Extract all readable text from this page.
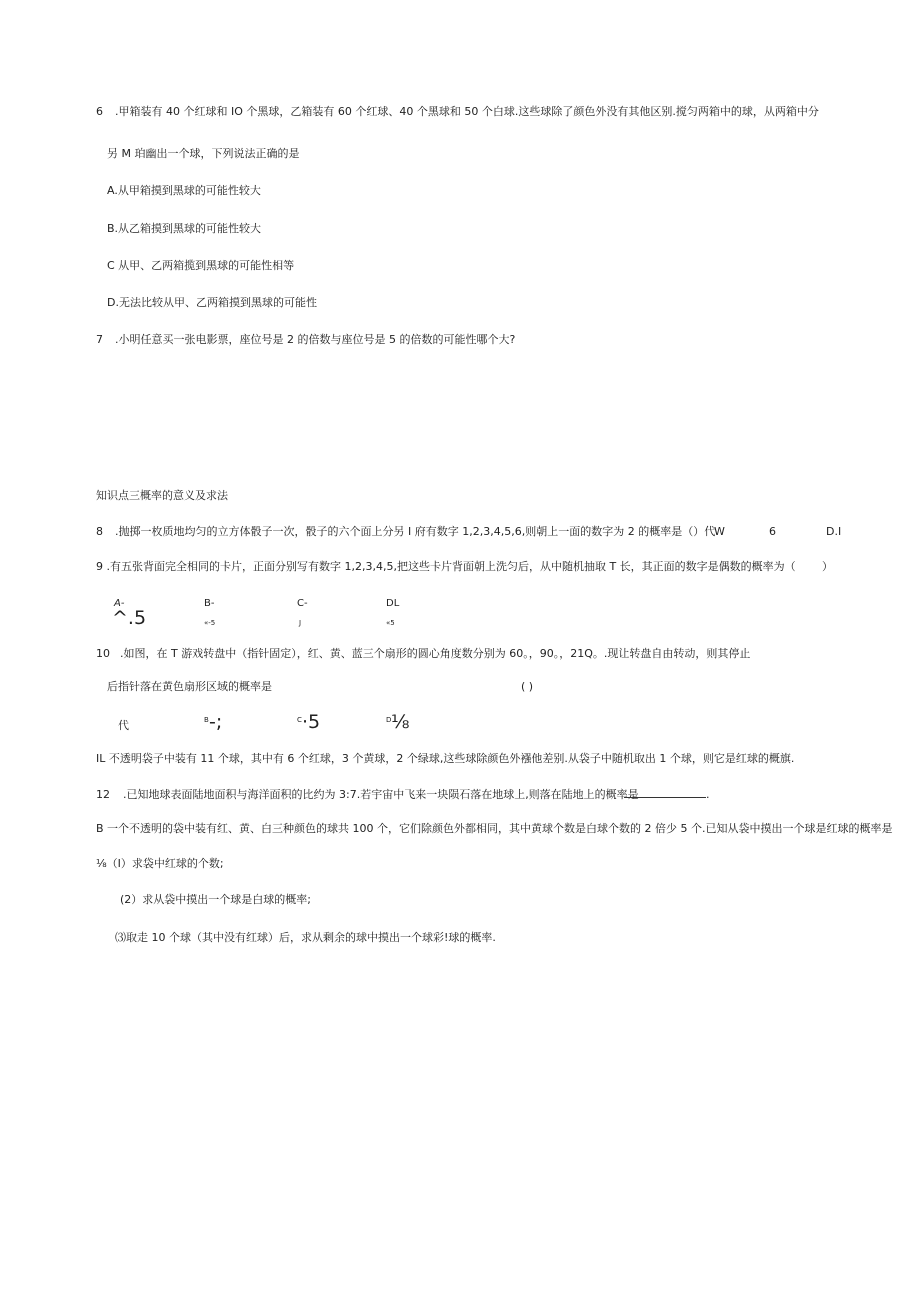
6 .甲箱装有 40 个红球和 IO 个黑球，乙箱装有 60 个红球、40 个黑球和 50 个白球.这些球除了颜色外没有其他区别.搅匀两箱中的球，从两箱中分
另 M 珀幽出一个球，下列说法正确的是
A.从甲箱摸到黑球的可能性较大
B.从乙箱摸到黑球的可能性较大
C 从甲、乙两箱揽到黑球的可能性相等
D.无法比较从甲、乙两箱摸到黑球的可能性
7 .小明任意买一张电影票，座位号是 2 的倍数与座位号是 5 的倍数的可能性哪个大?
知识点三概率的意义及求法
8 .抛掷一枚质地均匀的立方体骰子一次，骰子的六个面上分另 I 府有数字 1,2,3,4,5,6,则朝上一面的数字为 2 的概率是（）代
W	6	D.I
9 .有五张背面完全相同的卡片，正面分别写有数字 1,2,3,4,5,把这些卡片背面朝上洗匀后，从中随机抽取 T 长，其正面的数字是偶数的概率为（ ）
A-
^.5
B-
«-5
C-
J
DL
«5
10 .如图，在 T 游戏转盘中（指针固定），红、黄、蓝三个扇形的圆心角度数分别为 60。，90。，21Q。.现让转盘自由转动，则其停止
后指针落在黄色扇形区域的概率是	( )
代	B -;	C ·5	D ⅛
IL 不透明袋子中装有 11 个球，其中有 6 个红球，3 个黄球，2 个绿球,这些球除颜色外襁他差别.从袋子中随机取出 1 个球，则它是红球的概旗.
12 .已知地球表面陆地面积与海洋面积的比约为 3:7.若宇宙中飞来一块陨石落在地球上,则落在陆地上的概率是	.
B 一个不透明的袋中装有红、黄、白三种颜色的球共 100 个，它们除颜色外都相同，其中黄球个数是白球个数的 2 倍少 5 个.已知从袋中摸出一个球是红球的概率是
⅛（I）求袋中红球的个数;
(2）求从袋中摸出一个球是白球的概率;
⑶取走 10 个球（其中没有红球）后，求从剩余的球中摸出一个球彩!球的概率.
